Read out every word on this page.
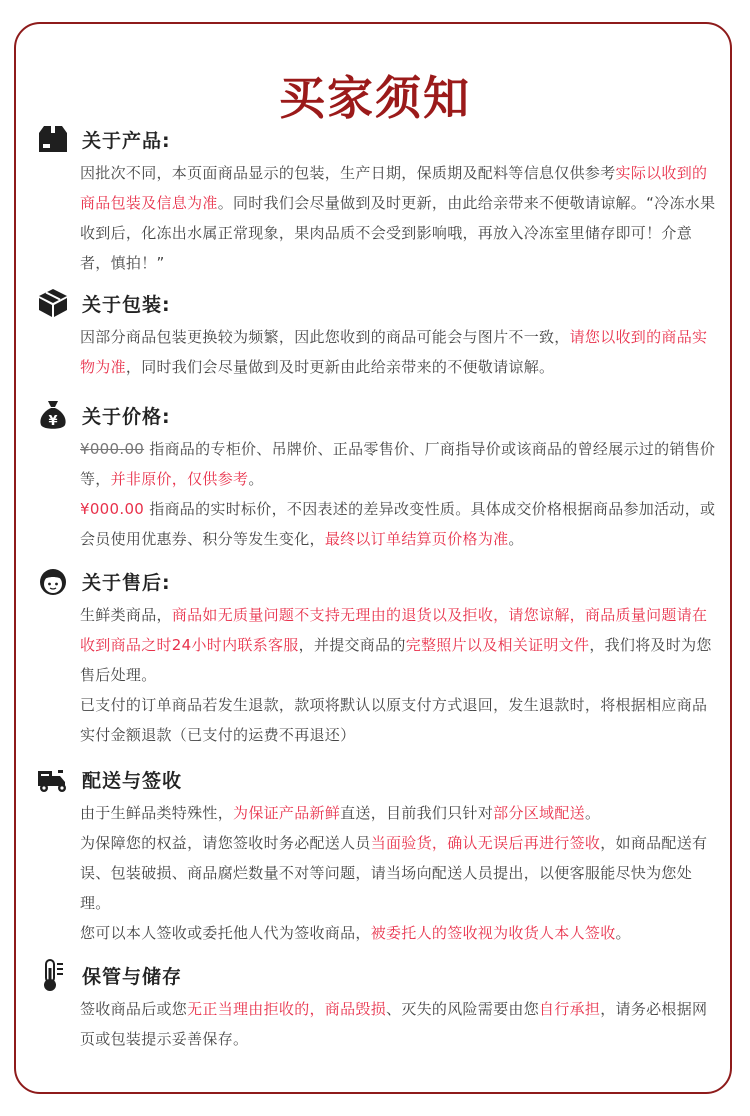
买家须知
关于产品:

因批次不同，本页面商品显示的包装，生产日期，保质期及配料等信息仅供参考实际以收到的商品包装及信息为准。同时我们会尽量做到及时更新，由此给亲带来不便敬请谅解。“冷冻水果收到后，化冻出水属正常现象，果肉品质不会受到影响哦，再放入冷冻室里储存即可！介意者，慎拍！”

关于包装:

因部分商品包装更换较为频繁，因此您收到的商品可能会与图片不一致，请您以收到的商品实物为准，同时我们会尽量做到及时更新由此给亲带来的不便敬请谅解。

¥ 关于价格:

¥000.00 指商品的专柜价、吊牌价、正品零售价、厂商指导价或该商品的曾经展示过的销售价等，并非原价，仅供参考。

¥000.00 指商品的实时标价，不因表述的差异改变性质。具体成交价格根据商品参加活动，或会员使用优惠券、积分等发生变化，最终以订单结算页价格为准。

关于售后:

生鲜类商品，商品如无质量问题不支持无理由的退货以及拒收，请您谅解，商品质量问题请在收到商品之时24小时内联系客服，并提交商品的完整照片以及相关证明文件，我们将及时为您售后处理。

已支付的订单商品若发生退款，款项将默认以原支付方式退回，发生退款时，将根据相应商品实付金额退款（已支付的运费不再退还）

配送与签收

由于生鲜品类特殊性，为保证产品新鲜直送，目前我们只针对部分区域配送。

为保障您的权益，请您签收时务必配送人员当面验货，确认无误后再进行签收，如商品配送有误、包装破损、商品腐烂数量不对等问题，请当场向配送人员提出，以便客服能尽快为您处理。

您可以本人签收或委托他人代为签收商品，被委托人的签收视为收货人本人签收。

保管与储存

签收商品后或您无正当理由拒收的，商品毁损、灭失的风险需要由您自行承担，请务必根据网页或包装提示妥善保存。
